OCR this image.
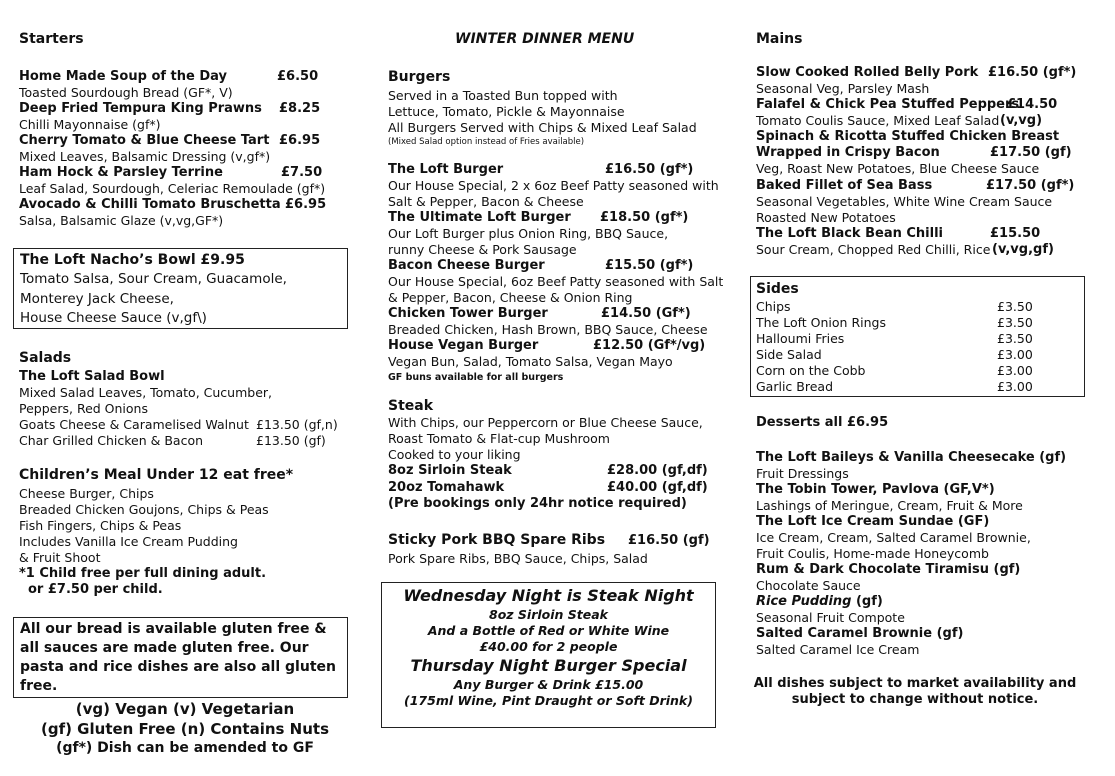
WINTER DINNER MENU
Starters
Home Made Soup of the Day	£6.50
Toasted Sourdough Bread (GF*, V)
Deep Fried Tempura King Prawns £8.25
Chilli Mayonnaise (gf*)
Cherry Tomato & Blue Cheese Tart £6.95
Mixed Leaves, Balsamic Dressing (v,gf*)
Ham Hock & Parsley Terrine	£7.50
Leaf Salad, Sourdough, Celeriac Remoulade (gf*)
Avocado & Chilli Tomato Bruschetta £6.95
Salsa, Balsamic Glaze (v,vg,GF*)
The Loft Nacho’s Bowl £9.95
Tomato Salsa, Sour Cream, Guacamole,
Monterey Jack Cheese,
House Cheese Sauce (v,gf\)
Salads
The Loft Salad Bowl
Mixed Salad Leaves, Tomato, Cucumber,
Peppers, Red Onions
Goats Cheese & Caramelised Walnut £13.50 (gf,n)
Char Grilled Chicken & Bacon	£13.50 (gf)
Children’s Meal Under 12 eat free*
Cheese Burger, Chips
Breaded Chicken Goujons, Chips & Peas
Fish Fingers, Chips & Peas
Includes Vanilla Ice Cream Pudding
& Fruit Shoot
*1 Child free per full dining adult.
or £7.50 per child.
All our bread is available gluten free &
all sauces are made gluten free. Our
pasta and rice dishes are also all gluten
free.
(vg) Vegan (v) Vegetarian
(gf) Gluten Free (n) Contains Nuts
(gf*) Dish can be amended to GF
Burgers
Served in a Toasted Bun topped with
Lettuce, Tomato, Pickle & Mayonnaise
All Burgers Served with Chips & Mixed Leaf Salad
(Mixed Salad option instead of Fries available)
The Loft Burger	£16.50 (gf*)
Our House Special, 2 x 6oz Beef Patty seasoned with
Salt & Pepper, Bacon & Cheese
The Ultimate Loft Burger £18.50 (gf*)
Our Loft Burger plus Onion Ring, BBQ Sauce,
runny Cheese & Pork Sausage
Bacon Cheese Burger	£15.50 (gf*)
Our House Special, 6oz Beef Patty seasoned with Salt
& Pepper, Bacon, Cheese & Onion Ring
Chicken Tower Burger	£14.50 (Gf*)
Breaded Chicken, Hash Brown, BBQ Sauce, Cheese
House Vegan Burger	£12.50 (Gf*/vg)
Vegan Bun, Salad, Tomato Salsa, Vegan Mayo
GF buns available for all burgers
Steak
With Chips, our Peppercorn or Blue Cheese Sauce,
Roast Tomato & Flat-cup Mushroom
Cooked to your liking
8oz Sirloin Steak	£28.00 (gf,df)
20oz Tomahawk	£40.00 (gf,df)
(Pre bookings only 24hr notice required)
Sticky Pork BBQ Spare Ribs £16.50 (gf)
Pork Spare Ribs, BBQ Sauce, Chips, Salad
Wednesday Night is Steak Night
8oz Sirloin Steak
And a Bottle of Red or White Wine
£40.00 for 2 people
Thursday Night Burger Special
Any Burger & Drink £15.00
(175ml Wine, Pint Draught or Soft Drink)
Mains
Slow Cooked Rolled Belly Pork £16.50 (gf*)
Seasonal Veg, Parsley Mash
Falafel & Chick Pea Stuffed Peppers
£14.50
Tomato Coulis Sauce, Mixed Leaf Salad (v,vg)
Spinach & Ricotta Stuffed Chicken Breast
Wrapped in Crispy Bacon	£17.50 (gf)
Veg, Roast New Potatoes, Blue Cheese Sauce
Baked Fillet of Sea Bass	£17.50 (gf*)
Seasonal Vegetables, White Wine Cream Sauce
Roasted New Potatoes
The Loft Black Bean Chilli	£15.50
Sour Cream, Chopped Red Chilli, Rice (v,vg,gf)
Sides
Chips	£3.50
The Loft Onion Rings	£3.50
Halloumi Fries	£3.50
Side Salad	£3.00
Corn on the Cobb	£3.00
Garlic Bread	£3.00
Desserts all £6.95
The Loft Baileys & Vanilla Cheesecake (gf)
Fruit Dressings
The Tobin Tower, Pavlova (GF,V*)
Lashings of Meringue, Cream, Fruit & More
The Loft Ice Cream Sundae (GF)
Ice Cream, Cream, Salted Caramel Brownie,
Fruit Coulis, Home-made Honeycomb
Rum & Dark Chocolate Tiramisu (gf)
Chocolate Sauce
Rice Pudding (gf)
Seasonal Fruit Compote
Salted Caramel Brownie (gf)
Salted Caramel Ice Cream
All dishes subject to market availability and
subject to change without notice.
